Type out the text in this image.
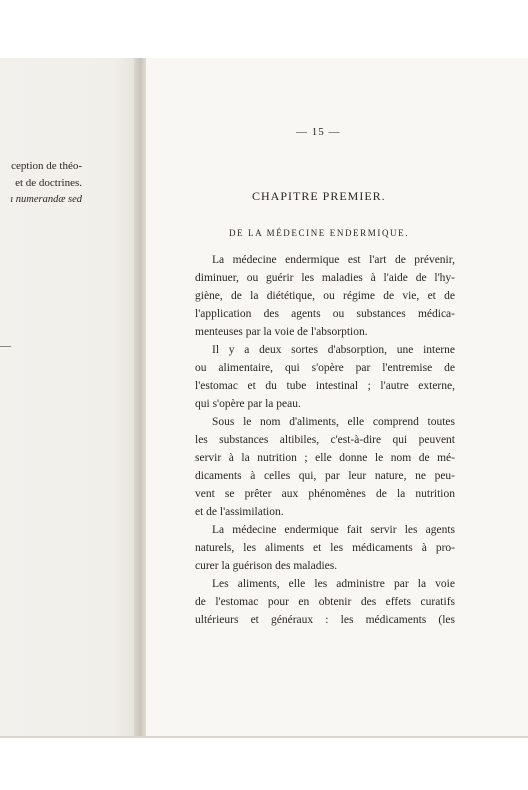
ception de théo-
et de doctrines.
ı numerandæ sed
—
— 15 —
CHAPITRE PREMIER.
DE LA MÉDECINE ENDERMIQUE.
La médecine endermique est l'art de prévenir,
diminuer, ou guérir les maladies à l'aide de l'hy-
giène, de la diététique, ou régime de vie, et de
l'application des agents ou substances médica-
menteuses par la voie de l'absorption.
Il y a deux sortes d'absorption, une interne
ou alimentaire, qui s'opère par l'entremise de
l'estomac et du tube intestinal ; l'autre externe,
qui s'opère par la peau.
Sous le nom d'aliments, elle comprend toutes
les substances altibiles, c'est-à-dire qui peuvent
servir à la nutrition ; elle donne le nom de mé-
dicaments à celles qui, par leur nature, ne peu-
vent se prêter aux phénomènes de la nutrition
et de l'assimilation.
La médecine endermique fait servir les agents
naturels, les aliments et les médicaments à pro-
curer la guérison des maladies.
Les aliments, elle les administre par la voie
de l'estomac pour en obtenir des effets curatifs
ultérieurs et généraux : les médicaments (les
